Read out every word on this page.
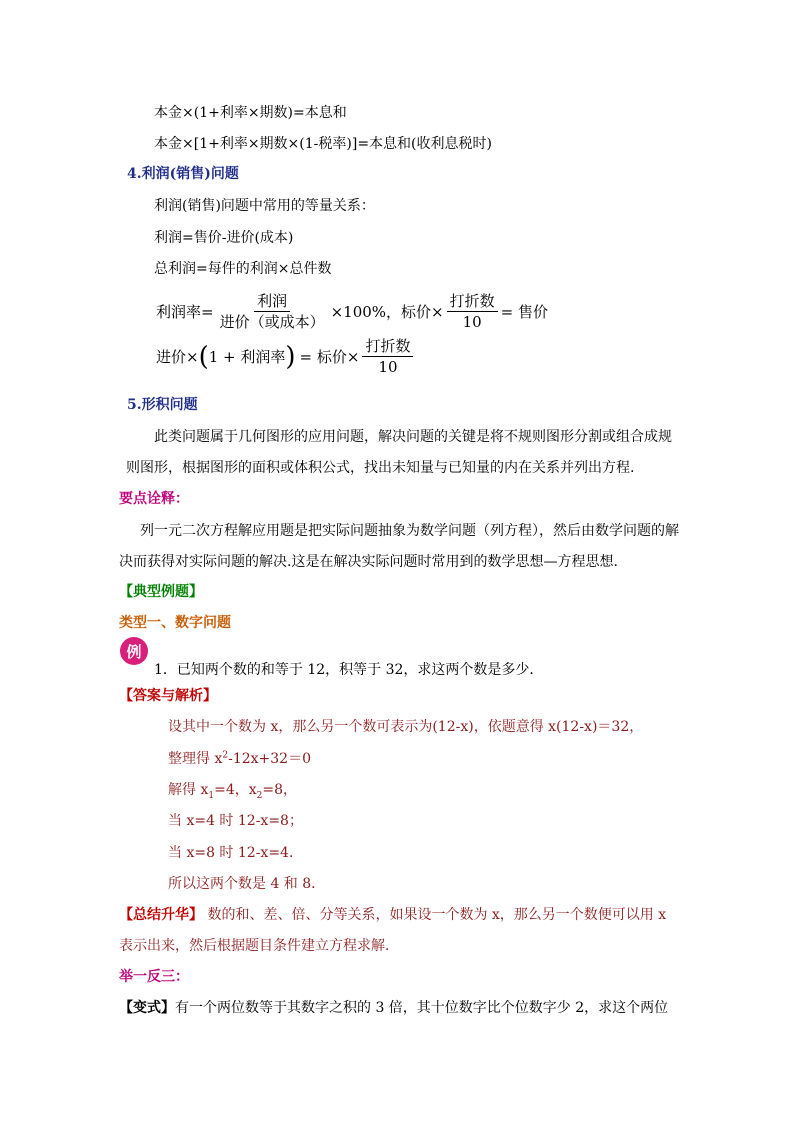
本金×(1+利率×期数)=本息和
本金×[1+利率×期数×(1-税率)]=本息和(收利息税时)
4.利润(销售)问题
利润(销售)问题中常用的等量关系：
利润=售价-进价(成本)
总利润=每件的利润×总件数
利润率= $\frac{\text{利润}}{\text{进价（或成本）}} \times 100\%$，标价× $\frac{\text{打折数}}{10}$ = 售价
进价× ( 1 + 利润率 ) = 标价× $\frac{\text{打折数}}{10}$
5.形积问题
此类问题属于几何图形的应用问题，解决问题的关键是将不规则图形分割或组合成规
则图形，根据图形的面积或体积公式，找出未知量与已知量的内在关系并列出方程.
要点诠释：
列一元二次方程解应用题是把实际问题抽象为数学问题（列方程），然后由数学问题的解
决而获得对实际问题的解决.这是在解决实际问题时常用到的数学思想—方程思想.
【典型例题】
类型一、数字问题
例
1．已知两个数的和等于 12，积等于 32，求这两个数是多少．
【答案与解析】
设其中一个数为 x，那么另一个数可表示为(12-x)，依题意得 x(12-x)＝32，
整理得 $x^2-12x+32=0$
解得 $x_1=4$，$x_2=8$，
当 x=4 时 12-x=8；
当 x=8 时 12-x=4．
所以这两个数是 4 和 8．
【总结升华】 数的和、差、倍、分等关系，如果设一个数为 x，那么另一个数便可以用 x
表示出来，然后根据题目条件建立方程求解．
举一反三：
【变式】有一个两位数等于其数字之积的 3 倍，其十位数字比个位数字少 2，求这个两位
